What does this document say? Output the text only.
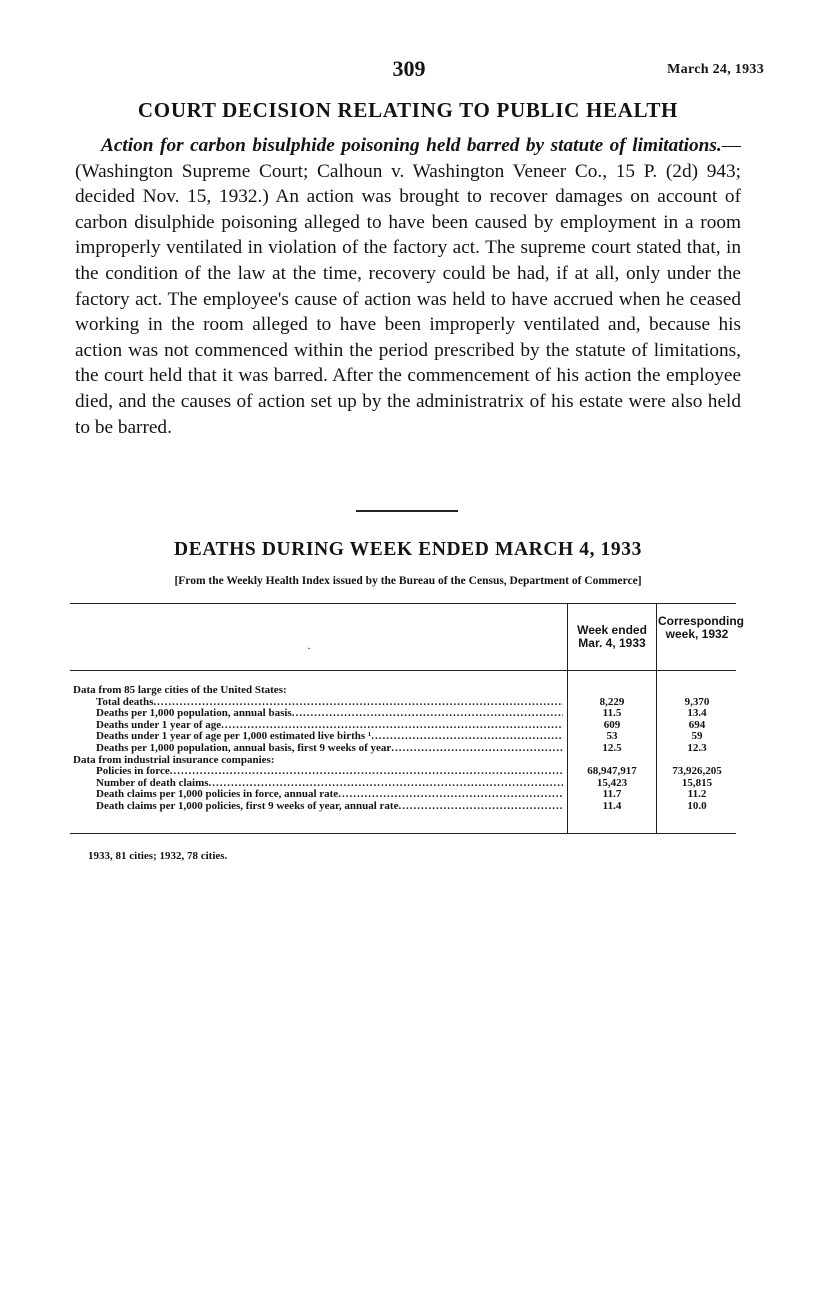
309	March 24, 1933
COURT DECISION RELATING TO PUBLIC HEALTH
Action for carbon bisulphide poisoning held barred by statute of limitations.—(Washington Supreme Court; Calhoun v. Washington Veneer Co., 15 P. (2d) 943; decided Nov. 15, 1932.) An action was brought to recover damages on account of carbon disulphide poisoning alleged to have been caused by employment in a room improperly ventilated in violation of the factory act. The supreme court stated that, in the condition of the law at the time, recovery could be had, if at all, only under the factory act. The employee's cause of action was held to have accrued when he ceased working in the room alleged to have been improperly ventilated and, because his action was not commenced within the period prescribed by the statute of limitations, the court held that it was barred. After the commencement of his action the employee died, and the causes of action set up by the administratrix of his estate were also held to be barred.
DEATHS DURING WEEK ENDED MARCH 4, 1933
[From the Weekly Health Index issued by the Bureau of the Census, Department of Commerce]
·
Week ended Mar. 4, 1933
Corresponding week, 1932
Data from 85 large cities of the United States:
Total deaths .....	8,229	9,370
Deaths per 1,000 population, annual basis .....	11.5	13.4
Deaths under 1 year of age .....	609	694
Deaths under 1 year of age per 1,000 estimated live births ¹ .....	53	59
Deaths per 1,000 population, annual basis, first 9 weeks of year .....	12.5	12.3
Data from industrial insurance companies:
Policies in force .....	68,947,917	73,926,205
Number of death claims .....	15,423	15,815
Death claims per 1,000 policies in force, annual rate .....	11.7	11.2
Death claims per 1,000 policies, first 9 weeks of year, annual rate .....	11.4	10.0
1933, 81 cities; 1932, 78 cities.
